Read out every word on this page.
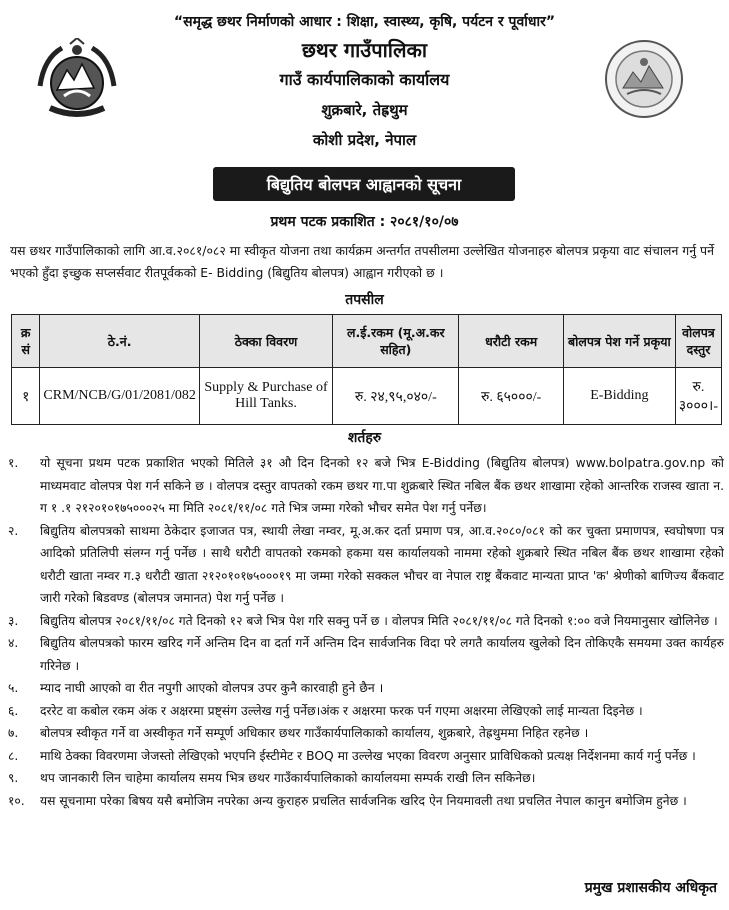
“समृद्ध छथर निर्माणको आधार : शिक्षा, स्वास्थ्य, कृषि, पर्यटन र पूर्वाधार”
छथर गाउँपालिका
गाउँ कार्यपालिकाको कार्यालय
शुक्रबारे, तेह्रथुम
कोशी प्रदेश, नेपाल
बिद्युतिय बोलपत्र आह्वानको सूचना
प्रथम पटक प्रकाशित : २०८१/१०/०७
यस छथर गाउँपालिकाको लागि आ.व.२०८१/०८२ मा स्वीकृत योजना तथा कार्यक्रम अन्तर्गत तपसीलमा उल्लेखित योजनाहरु बोलपत्र प्रकृया वाट संचालन गर्नु पर्ने भएको हुँदा इच्छुक सप्लर्सवाट रीतपूर्वकको E- Bidding (बिद्युतिय बोलपत्र) आह्वान गरीएको छ ।
तपसील
क्र सं	ठे.नं.	ठेक्का विवरण	ल.ई.रकम (मू.अ.कर सहित)	धरौटी रकम	बोलपत्र पेश गर्ने प्रकृया	वोलपत्र दस्तुर
१	CRM/NCB/G/01/2081/082	Supply & Purchase of Hill Tanks.	रु. २४,९५,०४०/-	रु. ६५०००/-	E-Bidding	रु. ३०००।-
शर्तहरु
१.	यो सूचना प्रथम पटक प्रकाशित भएको मितिले ३१ औ दिन दिनको १२ बजे भित्र E-Bidding (बिद्युतिय बोलपत्र) www.bolpatra.gov.np को माध्यमवाट वोलपत्र पेश गर्न सकिने छ । वोलपत्र दस्तुर वापतको रकम छथर गा.पा शुक्रबारे स्थित नबिल बैंक छथर शाखामा रहेको आन्तरिक राजस्व खाता न. ग १ .१ २१२०१०१७५०००२५ मा मिति २०८१/११/०८ गते भित्र जम्मा गरेको भौचर समेत पेश गर्नु पर्नेछ।
२.	बिद्युतिय बोलपत्रको साथमा ठेकेदार इजाजत पत्र, स्थायी लेखा नम्वर, मू.अ.कर दर्ता प्रमाण पत्र, आ.व.२०८०/०८१ को कर चुक्ता प्रमाणपत्र, स्वघोषणा पत्र आदिको प्रतिलिपी संलग्न गर्नु पर्नेछ । साथै धरौटी वापतको रकमको हकमा यस कार्यालयको नाममा रहेको शुक्रबारे स्थित नबिल बैंक छथर शाखामा रहेको धरौटी खाता नम्वर ग.३ धरौटी खाता २१२०१०१७५०००१९ मा जम्मा गरेको सक्कल भौचर वा नेपाल राष्ट्र बैंकवाट मान्यता प्राप्त 'क' श्रेणीको बाणिज्य बैंकवाट जारी गरेको बिडवण्ड (बोलपत्र जमानत) पेश गर्नु पर्नेछ ।
३.	बिद्युतिय बोलपत्र २०८१/११/०८ गते दिनको १२ बजे भित्र पेश गरि सक्नु पर्ने छ । वोलपत्र मिति २०८१/११/०८ गते दिनको १:०० वजे नियमानुसार खोलिनेछ ।
४.	बिद्युतिय बोलपत्रको फारम खरिद गर्ने अन्तिम दिन वा दर्ता गर्ने अन्तिम दिन सार्वजनिक विदा परे लगतै कार्यालय खुलेको दिन तोकिएकै समयमा उक्त कार्यहरु गरिनेछ ।
५.	म्याद नाघी आएको वा रीत नपुगी आएको वोलपत्र उपर कुनै कारवाही हुने छैन ।
६.	दररेट वा कबोल रकम अंक र अक्षरमा प्रष्ट्संग उल्लेख गर्नु पर्नेछ।अंक र अक्षरमा फरक पर्न गएमा अक्षरमा लेखिएको लाई मान्यता दिइनेछ ।
७.	बोलपत्र स्वीकृत गर्ने वा अस्वीकृत गर्ने सम्पूर्ण अधिकार छथर गाउँकार्यपालिकाको कार्यालय, शुक्रबारे, तेह्रथुममा निहित रहनेछ ।
८.	माथि ठेक्का विवरणमा जेजस्तो लेखिएको भएपनि ईस्टीमेट र BOQ मा उल्लेख भएका विवरण अनुसार प्राविधिकको प्रत्यक्ष निर्देशनमा कार्य गर्नु पर्नेछ ।
९.	थप जानकारी लिन चाहेमा कार्यालय समय भित्र छथर गाउँकार्यपालिकाको कार्यालयमा सम्पर्क राखी लिन सकिनेछ।
१०.	यस सूचनामा परेका बिषय यसै बमोजिम नपरेका अन्य कुराहरु प्रचलित सार्वजनिक खरिद ऐन नियमावली तथा प्रचलित नेपाल कानुन बमोजिम हुनेछ ।
प्रमुख प्रशासकीय अधिकृत
